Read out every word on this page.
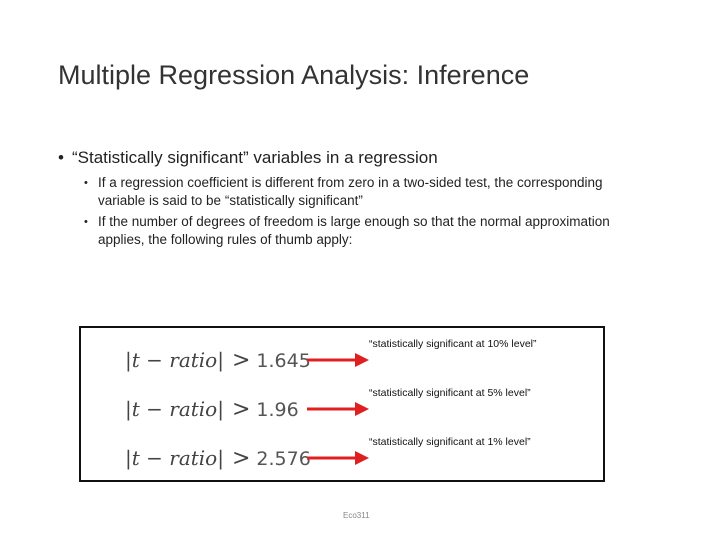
Multiple Regression Analysis: Inference
• “Statistically significant” variables in a regression
• If a regression coefficient is different from zero in a two-sided test, the corresponding variable is said to be “statistically significant”
• If the number of degrees of freedom is large enough so that the normal approximation applies, the following rules of thumb apply:
|t − ratio| > 1.645
“statistically significant at 10% level”
|t − ratio| > 1.96
“statistically significant at 5% level”
|t − ratio| > 2.576
“statistically significant at 1% level”
Eco311
